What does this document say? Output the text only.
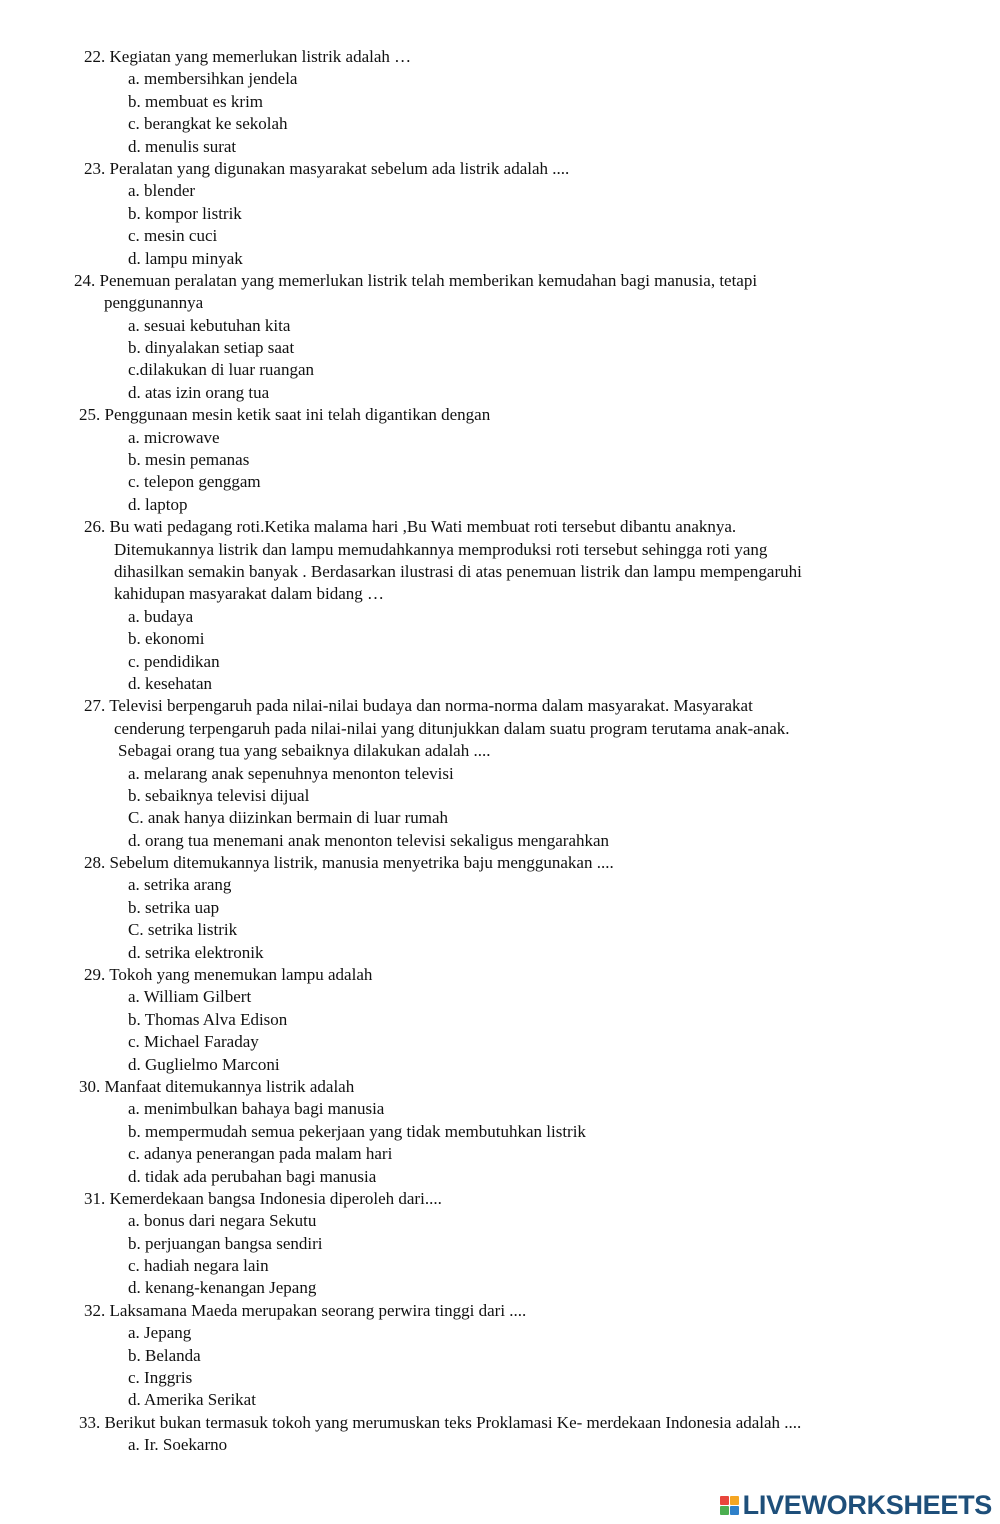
22. Kegiatan yang memerlukan listrik adalah …

a. membersihkan jendela

b. membuat es krim

c. berangkat ke sekolah

d. menulis surat

23. Peralatan yang digunakan masyarakat sebelum ada listrik adalah ....

a. blender

b. kompor listrik

c. mesin cuci

d. lampu minyak

24. Penemuan peralatan yang memerlukan listrik telah memberikan kemudahan bagi manusia, tetapi

penggunannya

a. sesuai kebutuhan kita

b. dinyalakan setiap saat

c.dilakukan di luar ruangan

d. atas izin orang tua

25. Penggunaan mesin ketik saat ini telah digantikan dengan

a. microwave

b. mesin pemanas

c. telepon genggam

d. laptop

26. Bu wati pedagang roti.Ketika malama hari ,Bu Wati membuat roti tersebut dibantu anaknya.

Ditemukannya listrik dan lampu memudahkannya memproduksi roti tersebut sehingga roti yang

dihasilkan semakin banyak . Berdasarkan ilustrasi di atas penemuan listrik dan lampu mempengaruhi

kahidupan masyarakat dalam bidang …

a. budaya

b. ekonomi

c. pendidikan

d. kesehatan

27. Televisi berpengaruh pada nilai-nilai budaya dan norma-norma dalam masyarakat. Masyarakat

cenderung terpengaruh pada nilai-nilai yang ditunjukkan dalam suatu program terutama anak-anak.

Sebagai orang tua yang sebaiknya dilakukan adalah ....

a. melarang anak sepenuhnya menonton televisi

b. sebaiknya televisi dijual

C. anak hanya diizinkan bermain di luar rumah

d. orang tua menemani anak menonton televisi sekaligus mengarahkan

28. Sebelum ditemukannya listrik, manusia menyetrika baju menggunakan ....

a. setrika arang

b. setrika uap

C. setrika listrik

d. setrika elektronik

29. Tokoh yang menemukan lampu adalah

a. William Gilbert

b. Thomas Alva Edison

c. Michael Faraday

d. Guglielmo Marconi

30. Manfaat ditemukannya listrik adalah

a. menimbulkan bahaya bagi manusia

b. mempermudah semua pekerjaan yang tidak membutuhkan listrik

c. adanya penerangan pada malam hari

d. tidak ada perubahan bagi manusia

31. Kemerdekaan bangsa Indonesia diperoleh dari....

a. bonus dari negara Sekutu

b. perjuangan bangsa sendiri

c. hadiah negara lain

d. kenang-kenangan Jepang

32. Laksamana Maeda merupakan seorang perwira tinggi dari ....

a. Jepang

b. Belanda

c. Inggris

d. Amerika Serikat

33. Berikut bukan termasuk tokoh yang merumuskan teks Proklamasi Ke- merdekaan Indonesia adalah ....

a. Ir. Soekarno

LIVEWORKSHEETS
